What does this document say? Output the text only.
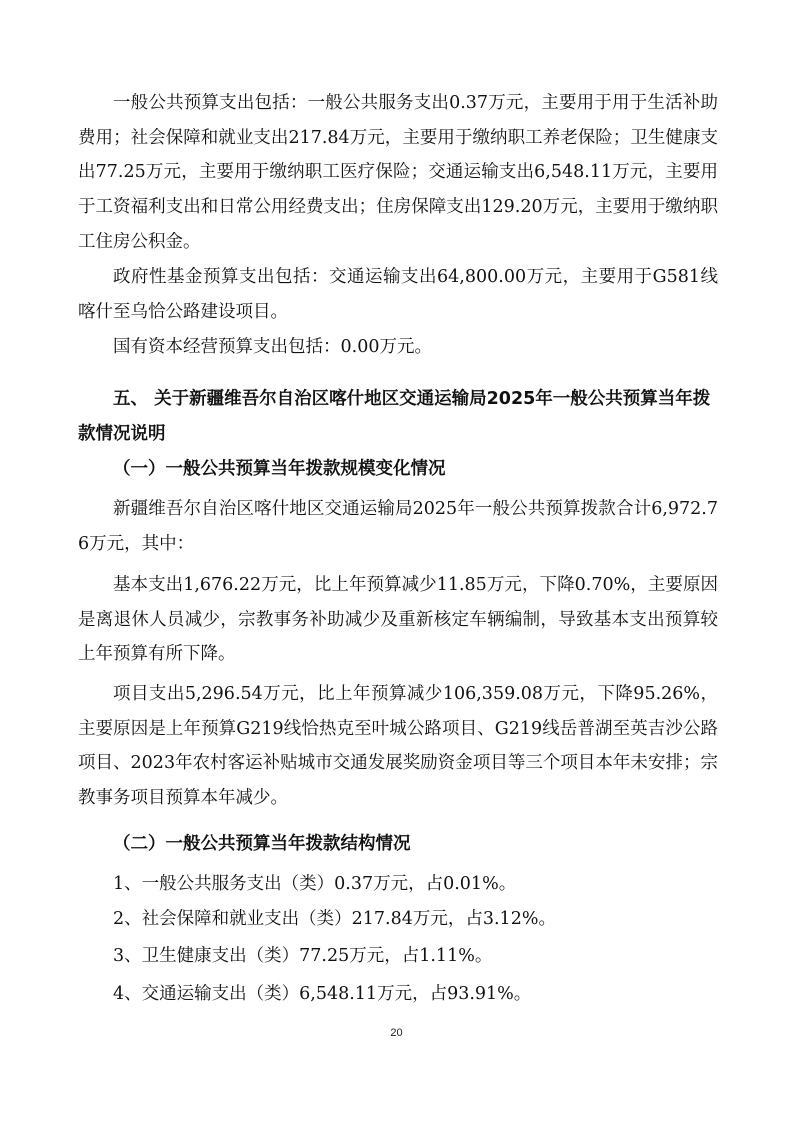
一般公共预算支出包括：一般公共服务支出0.37万元，主要用于用于生活补助费用；社会保障和就业支出217.84万元，主要用于缴纳职工养老保险；卫生健康支出77.25万元，主要用于缴纳职工医疗保险；交通运输支出6,548.11万元，主要用于工资福利支出和日常公用经费支出；住房保障支出129.20万元，主要用于缴纳职工住房公积金。

政府性基金预算支出包括：交通运输支出64,800.00万元，主要用于G581线喀什至乌恰公路建设项目。

国有资本经营预算支出包括：0.00万元。

五、 关于新疆维吾尔自治区喀什地区交通运输局2025年一般公共预算当年拨款情况说明

（一）一般公共预算当年拨款规模变化情况

新疆维吾尔自治区喀什地区交通运输局2025年一般公共预算拨款合计6,972.76万元，其中：

基本支出1,676.22万元，比上年预算减少11.85万元，下降0.70%，主要原因是离退休人员减少，宗教事务补助减少及重新核定车辆编制，导致基本支出预算较上年预算有所下降。

项目支出5,296.54万元，比上年预算减少106,359.08万元，下降95.26%，主要原因是上年预算G219线恰热克至叶城公路项目、G219线岳普湖至英吉沙公路项目、2023年农村客运补贴城市交通发展奖励资金项目等三个项目本年未安排；宗教事务项目预算本年减少。

（二）一般公共预算当年拨款结构情况

1、一般公共服务支出（类）0.37万元，占0.01%。

2、社会保障和就业支出（类）217.84万元，占3.12%。

3、卫生健康支出（类）77.25万元，占1.11%。

4、交通运输支出（类）6,548.11万元，占93.91%。

20
